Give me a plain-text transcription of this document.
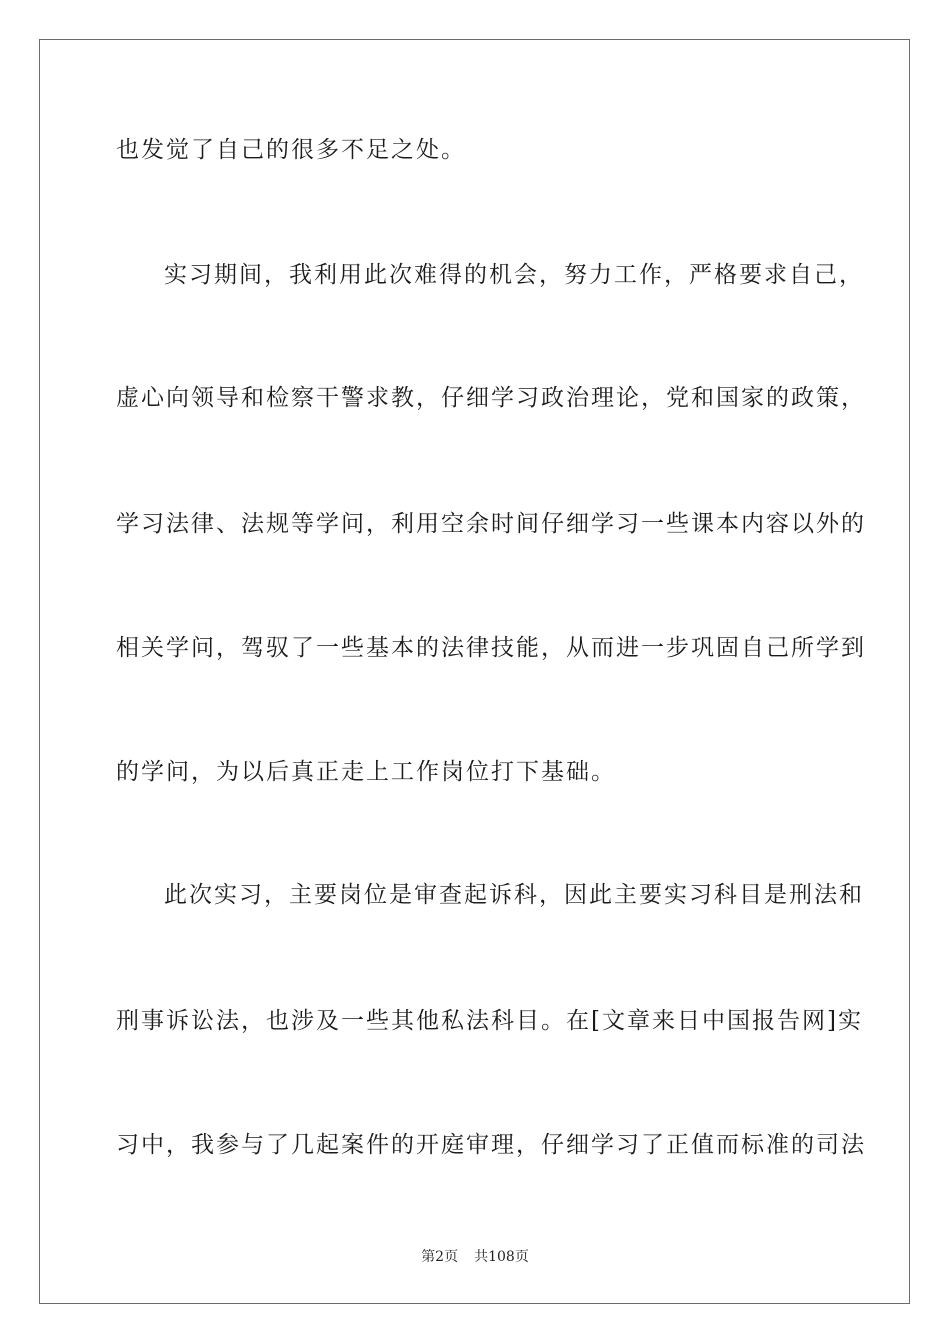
也发觉了自己的很多不足之处。
实习期间，我利用此次难得的机会，努力工作，严格要求自己，
虚心向领导和检察干警求教，仔细学习政治理论，党和国家的政策，
学习法律、法规等学问，利用空余时间仔细学习一些课本内容以外的
相关学问，驾驭了一些基本的法律技能，从而进一步巩固自己所学到
的学问，为以后真正走上工作岗位打下基础。
此次实习，主要岗位是审查起诉科，因此主要实习科目是刑法和
刑事诉讼法，也涉及一些其他私法科目。在[文章来日中国报告网]实
习中，我参与了几起案件的开庭审理，仔细学习了正值而标准的司法
第2页 共108页
